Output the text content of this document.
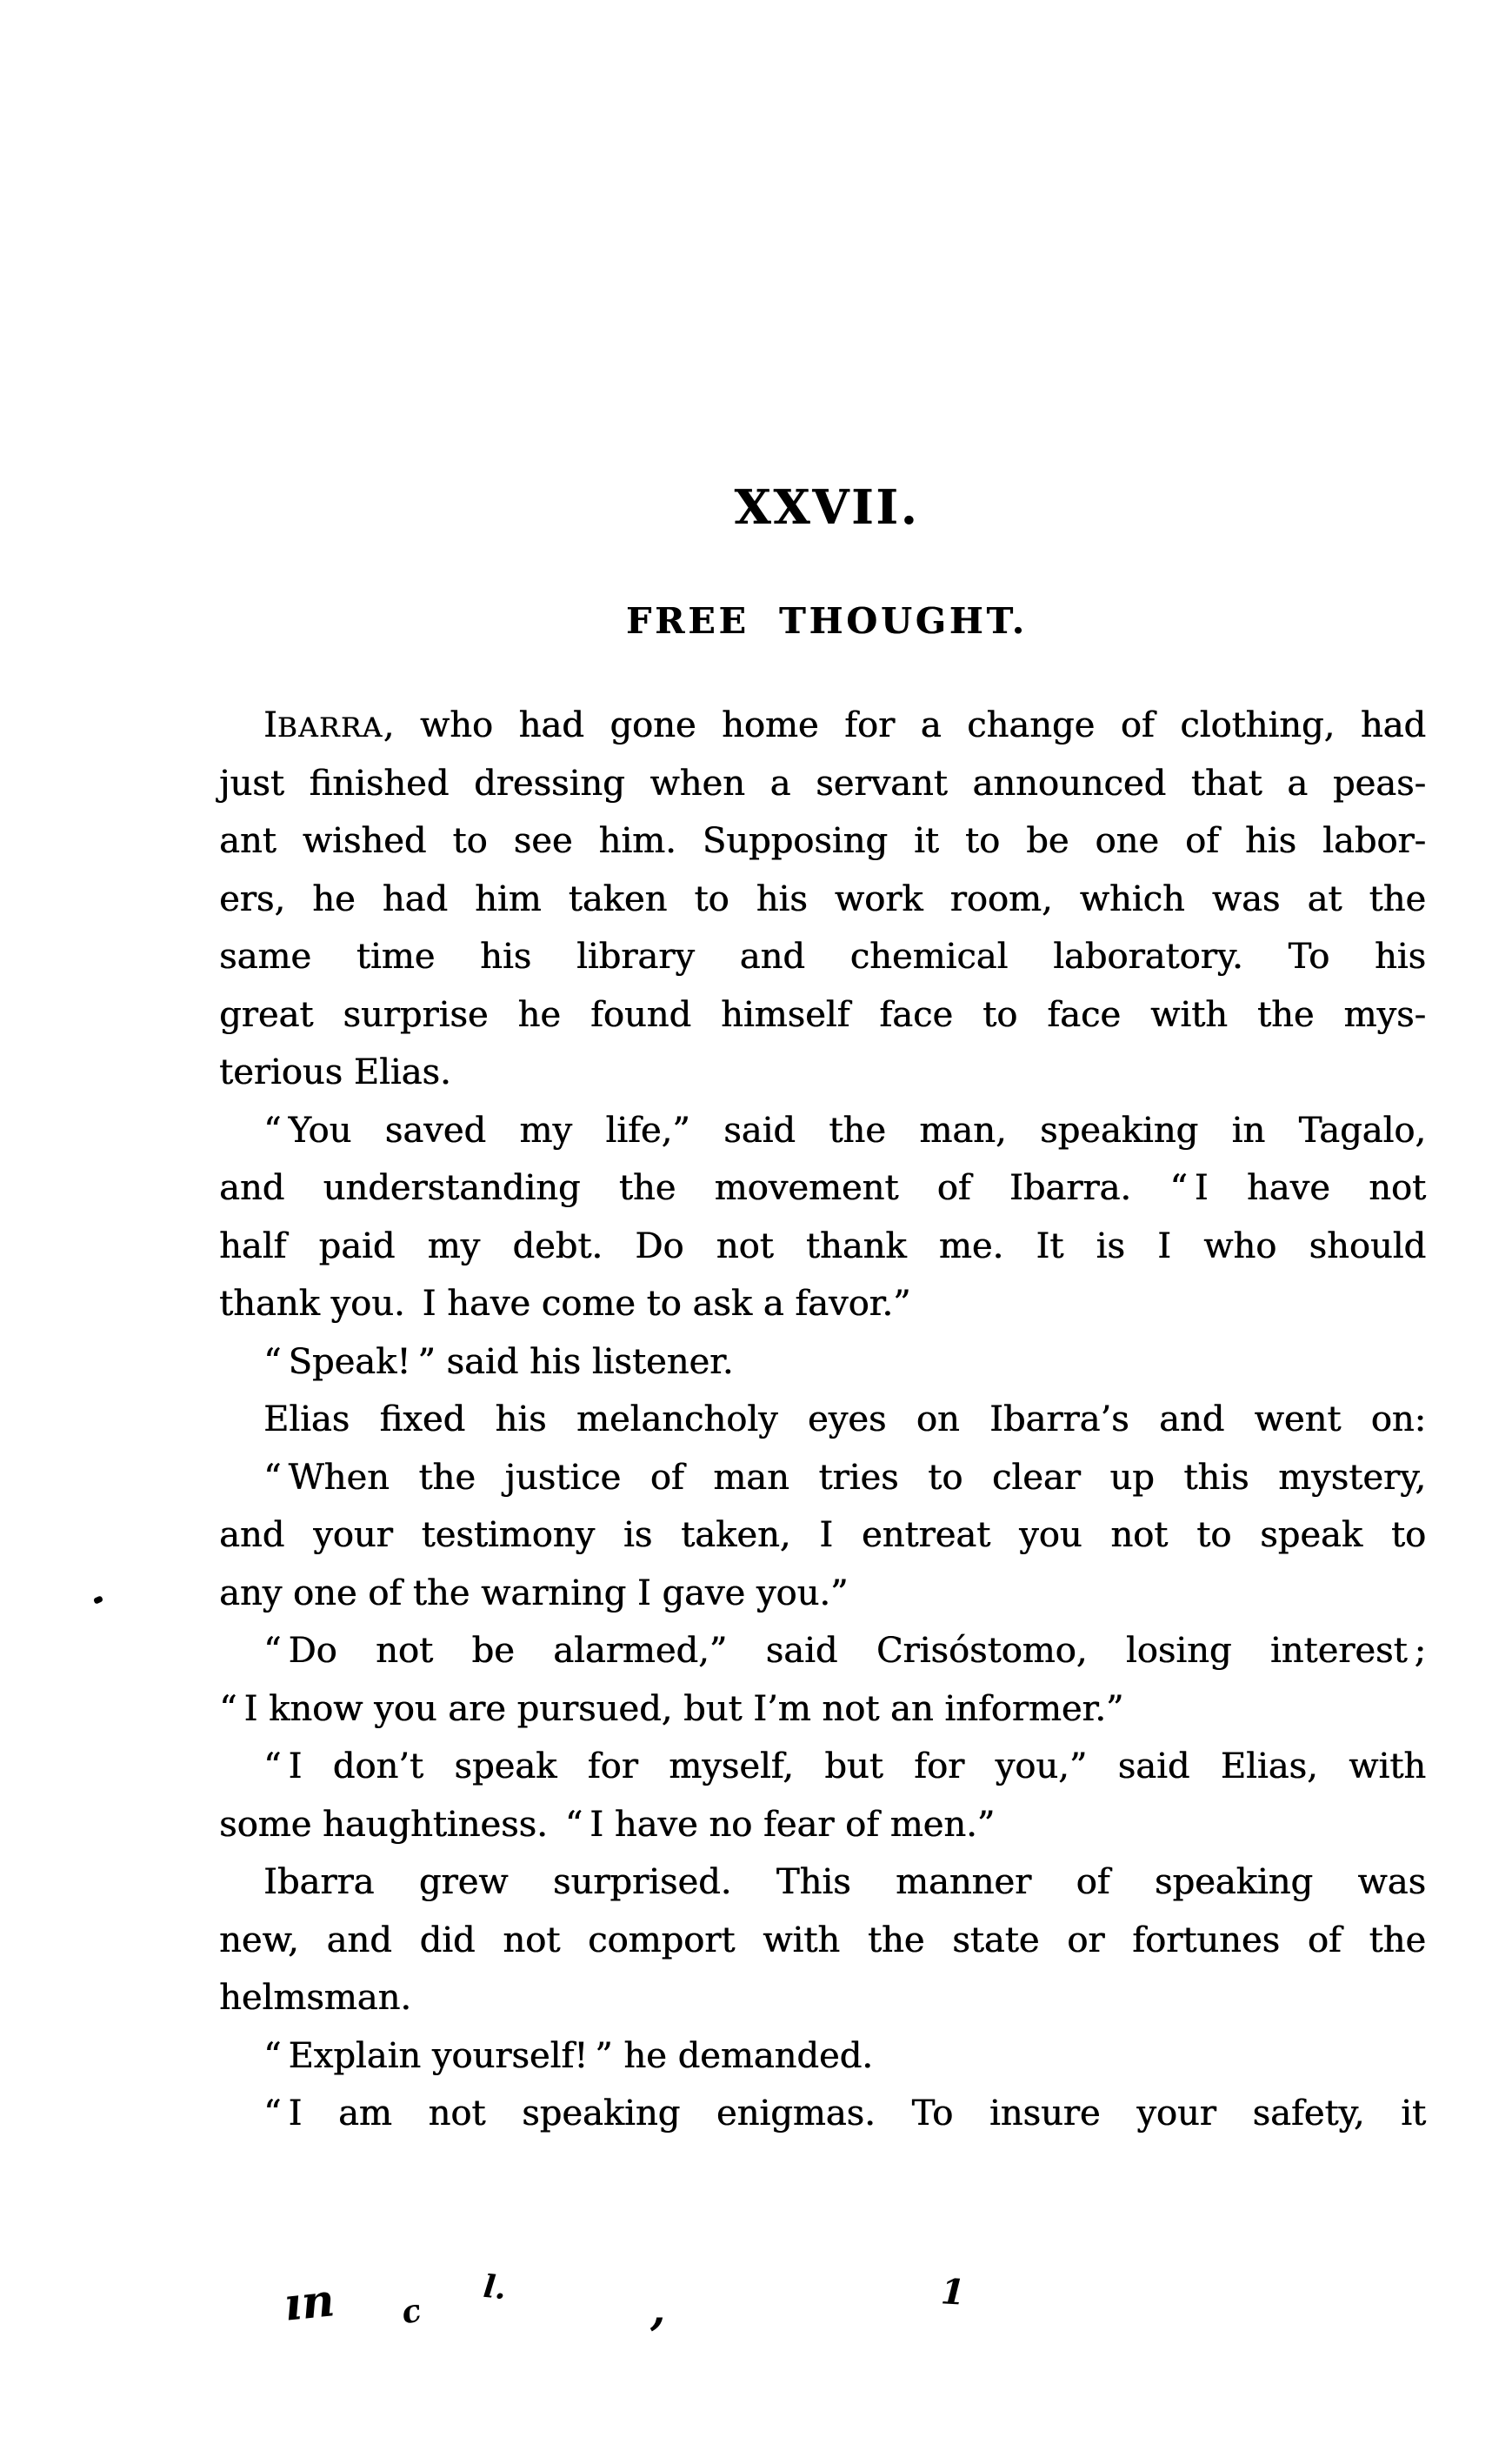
XXVII.
FREE THOUGHT.
IBARRA, who had gone home for a change of clothing, had
just finished dressing when a servant announced that a peas-
ant wished to see him. Supposing it to be one of his labor-
ers, he had him taken to his work room, which was at the
same time his library and chemical laboratory. To his
great surprise he found himself face to face with the mys-
terious Elias.
“ You saved my life,” said the man, speaking in Tagalo,
and understanding the movement of Ibarra. “ I have not
half paid my debt. Do not thank me. It is I who should
thank you. I have come to ask a favor.”
“ Speak! ” said his listener.
Elias fixed his melancholy eyes on Ibarra’s and went on:
“ When the justice of man tries to clear up this mystery,
and your testimony is taken, I entreat you not to speak to
any one of the warning I gave you.”
“ Do not be alarmed,” said Crisóstomo, losing interest ;
“ I know you are pursued, but I’m not an informer.”
“ I don’t speak for myself, but for you,” said Elias, with
some haughtiness. “ I have no fear of men.”
Ibarra grew surprised. This manner of speaking was
new, and did not comport with the state or fortunes of the
helmsman.
“ Explain yourself! ” he demanded.
“ I am not speaking enigmas. To insure your safety, it
ın c
l.	,	1
